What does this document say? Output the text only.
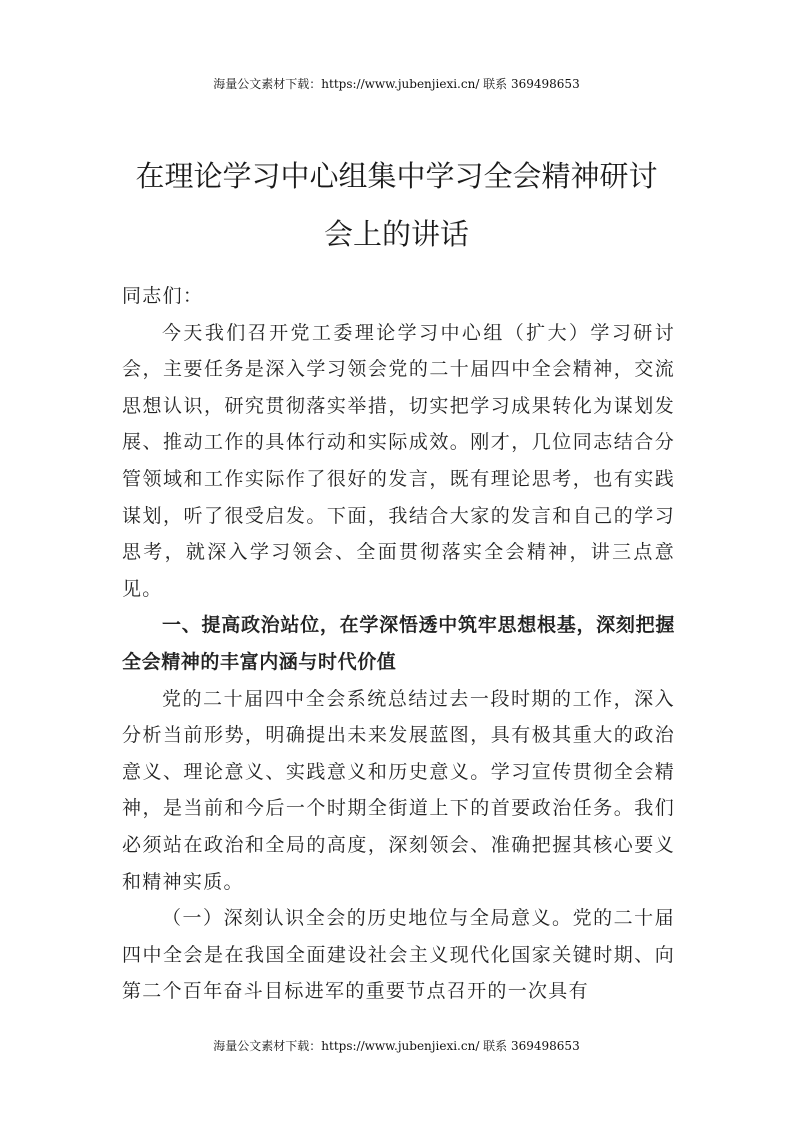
海量公文素材下载：https://www.jubenjiexi.cn/ 联系 369498653
在理论学习中心组集中学习全会精神研讨
会上的讲话

同志们：

今天我们召开党工委理论学习中心组（扩大）学习研讨会，主要任务是深入学习领会党的二十届四中全会精神，交流思想认识，研究贯彻落实举措，切实把学习成果转化为谋划发展、推动工作的具体行动和实际成效。刚才，几位同志结合分管领域和工作实际作了很好的发言，既有理论思考，也有实践谋划，听了很受启发。下面，我结合大家的发言和自己的学习思考，就深入学习领会、全面贯彻落实全会精神，讲三点意见。

一、提高政治站位，在学深悟透中筑牢思想根基，深刻把握全会精神的丰富内涵与时代价值

党的二十届四中全会系统总结过去一段时期的工作，深入分析当前形势，明确提出未来发展蓝图，具有极其重大的政治意义、理论意义、实践意义和历史意义。学习宣传贯彻全会精神，是当前和今后一个时期全街道上下的首要政治任务。我们必须站在政治和全局的高度，深刻领会、准确把握其核心要义和精神实质。

（一）深刻认识全会的历史地位与全局意义。党的二十届四中全会是在我国全面建设社会主义现代化国家关键时期、向第二个百年奋斗目标进军的重要节点召开的一次具有

海量公文素材下载：https://www.jubenjiexi.cn/ 联系 369498653
